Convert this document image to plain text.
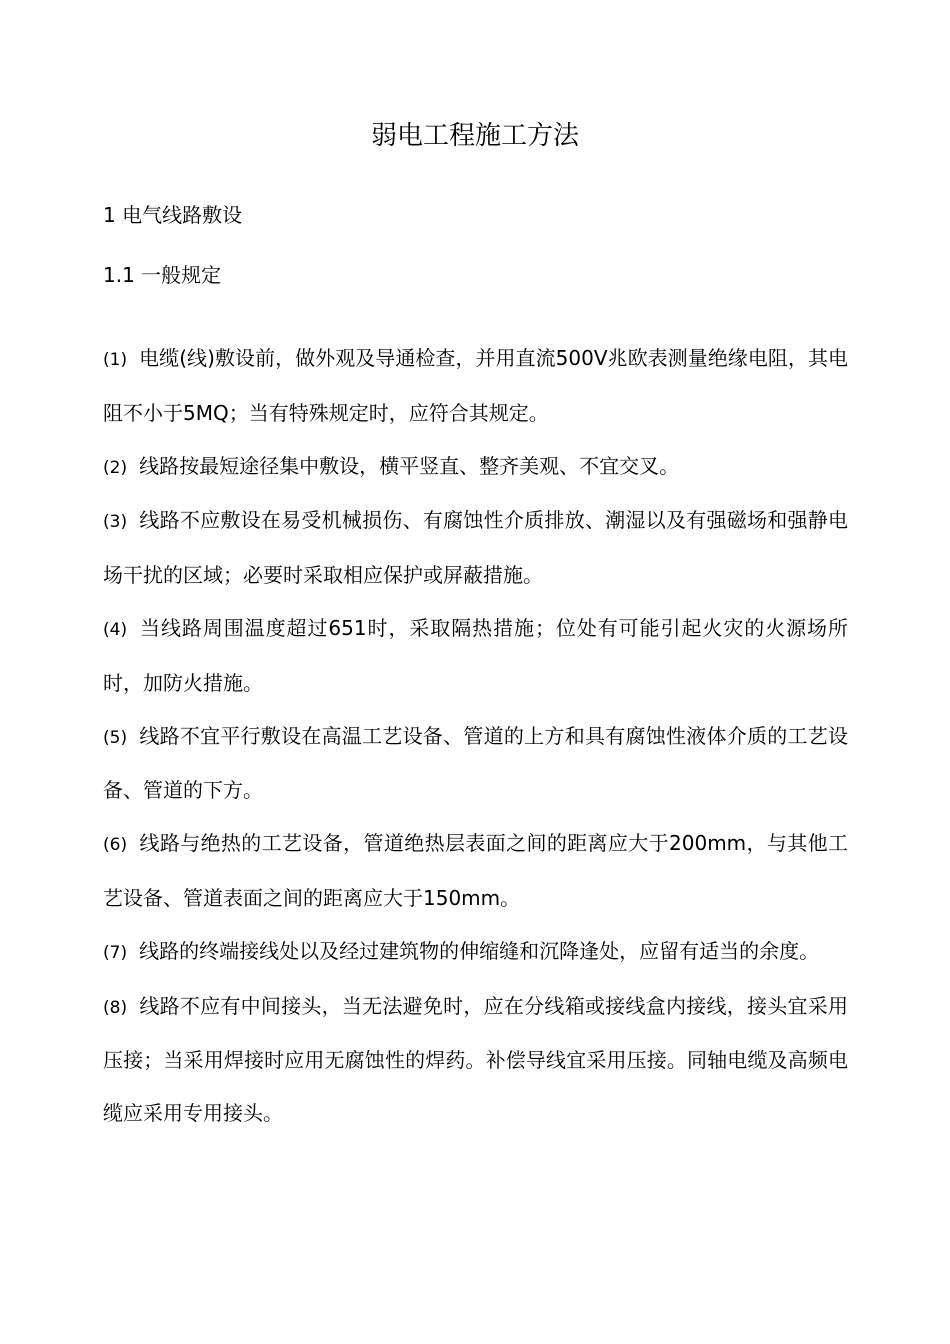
弱电工程施工方法
1 电气线路敷设
1.1 一般规定
(1) 电缆(线)敷设前，做外观及导通检查，并用直流500V兆欧表测量绝缘电阻，其电阻不小于5MQ；当有特殊规定时，应符合其规定。
(2) 线路按最短途径集中敷设，横平竖直、整齐美观、不宜交叉。
(3) 线路不应敷设在易受机械损伤、有腐蚀性介质排放、潮湿以及有强磁场和强静电场干扰的区域；必要时采取相应保护或屏蔽措施。
(4) 当线路周围温度超过651时，采取隔热措施；位处有可能引起火灾的火源场所时，加防火措施。
(5) 线路不宜平行敷设在高温工艺设备、管道的上方和具有腐蚀性液体介质的工艺设备、管道的下方。
(6) 线路与绝热的工艺设备，管道绝热层表面之间的距离应大于200mm，与其他工艺设备、管道表面之间的距离应大于150mm。
(7) 线路的终端接线处以及经过建筑物的伸缩缝和沉降逢处，应留有适当的余度。
(8) 线路不应有中间接头，当无法避免时，应在分线箱或接线盒内接线，接头宜采用压接；当采用焊接时应用无腐蚀性的焊药。补偿导线宜采用压接。同轴电缆及高频电缆应采用专用接头。
